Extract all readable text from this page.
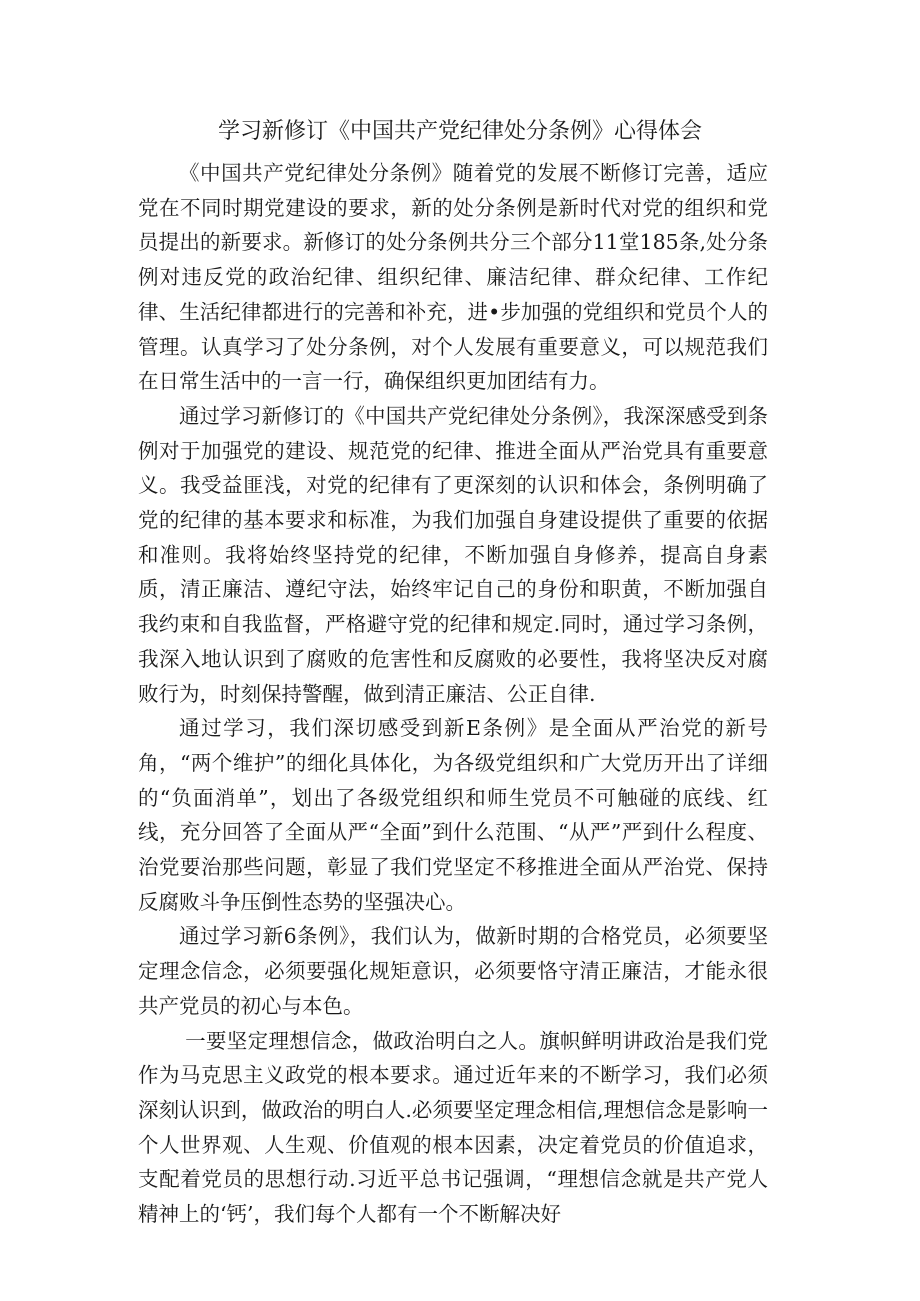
学习新修订《中国共产党纪律处分条例》心得体会

《中国共产党纪律处分条例》随着党的发展不断修订完善，适应党在不同时期党建设的要求，新的处分条例是新时代对党的组织和党员提出的新要求。新修订的处分条例共分三个部分11堂185条,处分条例对违反党的政治纪律、组织纪律、廉洁纪律、群众纪律、工作纪律、生活纪律都进行的完善和补充，进•步加强的党组织和党员个人的管理。认真学习了处分条例，对个人发展有重要意义，可以规范我们在日常生活中的一言一行，确保组织更加团结有力。

通过学习新修订的《中国共产党纪律处分条例》，我深深感受到条例对于加强党的建设、规范党的纪律、推进全面从严治党具有重要意义。我受益匪浅，对党的纪律有了更深刻的认识和体会，条例明确了党的纪律的基本要求和标准，为我们加强自身建设提供了重要的依据和准则。我将始终坚持党的纪律，不断加强自身修养，提高自身素质，清正廉洁、遵纪守法，始终牢记自己的身份和职黄，不断加强自我约束和自我监督，严格避守党的纪律和规定.同时，通过学习条例，我深入地认识到了腐败的危害性和反腐败的必要性，我将坚决反对腐败行为，时刻保持警醒，做到清正廉洁、公正自律.

通过学习，我们深切感受到新E条例》是全面从严治党的新号角，“两个维护”的细化具体化，为各级党组织和广大党历开出了详细的“负面消单”，划出了各级党组织和师生党员不可触碰的底线、红线，充分回答了全面从严“全面”到什么范围、“从严”严到什么程度、治党要治那些问题，彰显了我们党坚定不移推进全面从严治党、保持反腐败斗争压倒性态势的坚强决心。

通过学习新6条例》，我们认为，做新时期的合格党员，必须要坚定理念信念，必须要强化规矩意识，必须要恪守清正廉洁，才能永很共产党员的初心与本色。

一要坚定理想信念，做政治明白之人。旗帜鲜明讲政治是我们党作为马克思主义政党的根本要求。通过近年来的不断学习，我们必须深刻认识到，做政治的明白人.必须要坚定理念相信,理想信念是影响一个人世界观、人生观、价值观的根本因素，决定着党员的价值追求，支配着党员的思想行动.习近平总书记强调，“理想信念就是共产党人精神上的‘钙’，我们每个人都有一个不断解决好
